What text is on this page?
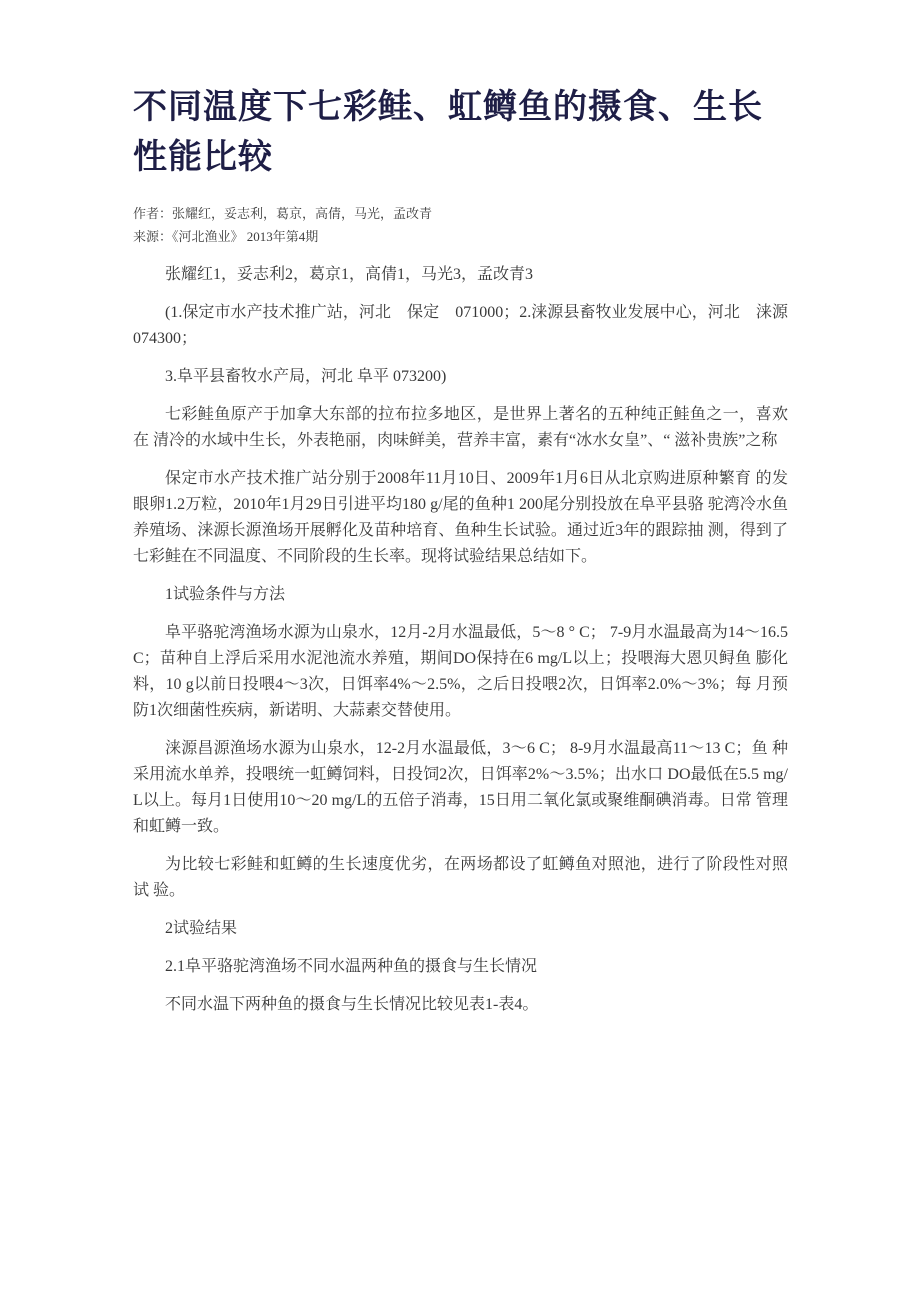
不同温度下七彩鲑、虹鳟鱼的摄食、生长
性能比较
作者：张耀红，妥志利，葛京，高倩，马光，孟改青
来源：《河北渔业》 2013年第4期

张耀红1，妥志利2，葛京1，高倩1，马光3，孟改青3

(1.保定市水产技术推广站，河北　保定　071000；2.涞源县畜牧业发展中心，河北　涞源 074300；

3.阜平县畜牧水产局，河北 阜平 073200)

七彩鲑鱼原产于加拿大东部的拉布拉多地区，是世界上著名的五种纯正鲑鱼之一，喜欢在 清冷的水域中生长，外表艳丽，肉味鲜美，营养丰富，素有“冰水女皇”、“ 滋补贵族”之称

保定市水产技术推广站分别于2008年11月10日、2009年1月6日从北京购进原种繁育 的发眼卵1.2万粒，2010年1月29日引进平均180 g/尾的鱼种1 200尾分别投放在阜平县骆 驼湾冷水鱼养殖场、涞源长源渔场开展孵化及苗种培育、鱼种生长试验。通过近3年的跟踪抽 测，得到了七彩鲑在不同温度、不同阶段的生长率。现将试验结果总结如下。

1试验条件与方法

阜平骆驼湾渔场水源为山泉水，12月-2月水温最低，5～8 ° C； 7-9月水温最高为14～16.5 C；苗种自上浮后采用水泥池流水养殖，期间DO保持在6 mg/L以上；投喂海大恩贝鲟鱼 膨化料，10 g以前日投喂4～3次，日饵率4%～2.5%，之后日投喂2次，日饵率2.0%～3%；每 月预防1次细菌性疾病，新诺明、大蒜素交替使用。

涞源昌源渔场水源为山泉水，12-2月水温最低，3～6 C； 8-9月水温最高11～13 C；鱼 种采用流水单养，投喂统一虹鳟饲料，日投饲2次，日饵率2%～3.5%；出水口 DO最低在5.5 mg/L以上。每月1日使用10～20 mg/L的五倍子消毒，15日用二氧化氯或聚维酮碘消毒。日常 管理和虹鳟一致。

为比较七彩鲑和虹鳟的生长速度优劣，在两场都设了虹鳟鱼对照池，进行了阶段性对照试 验。

2试验结果

2.1阜平骆驼湾渔场不同水温两种鱼的摄食与生长情况

不同水温下两种鱼的摄食与生长情况比较见表1-表4。
